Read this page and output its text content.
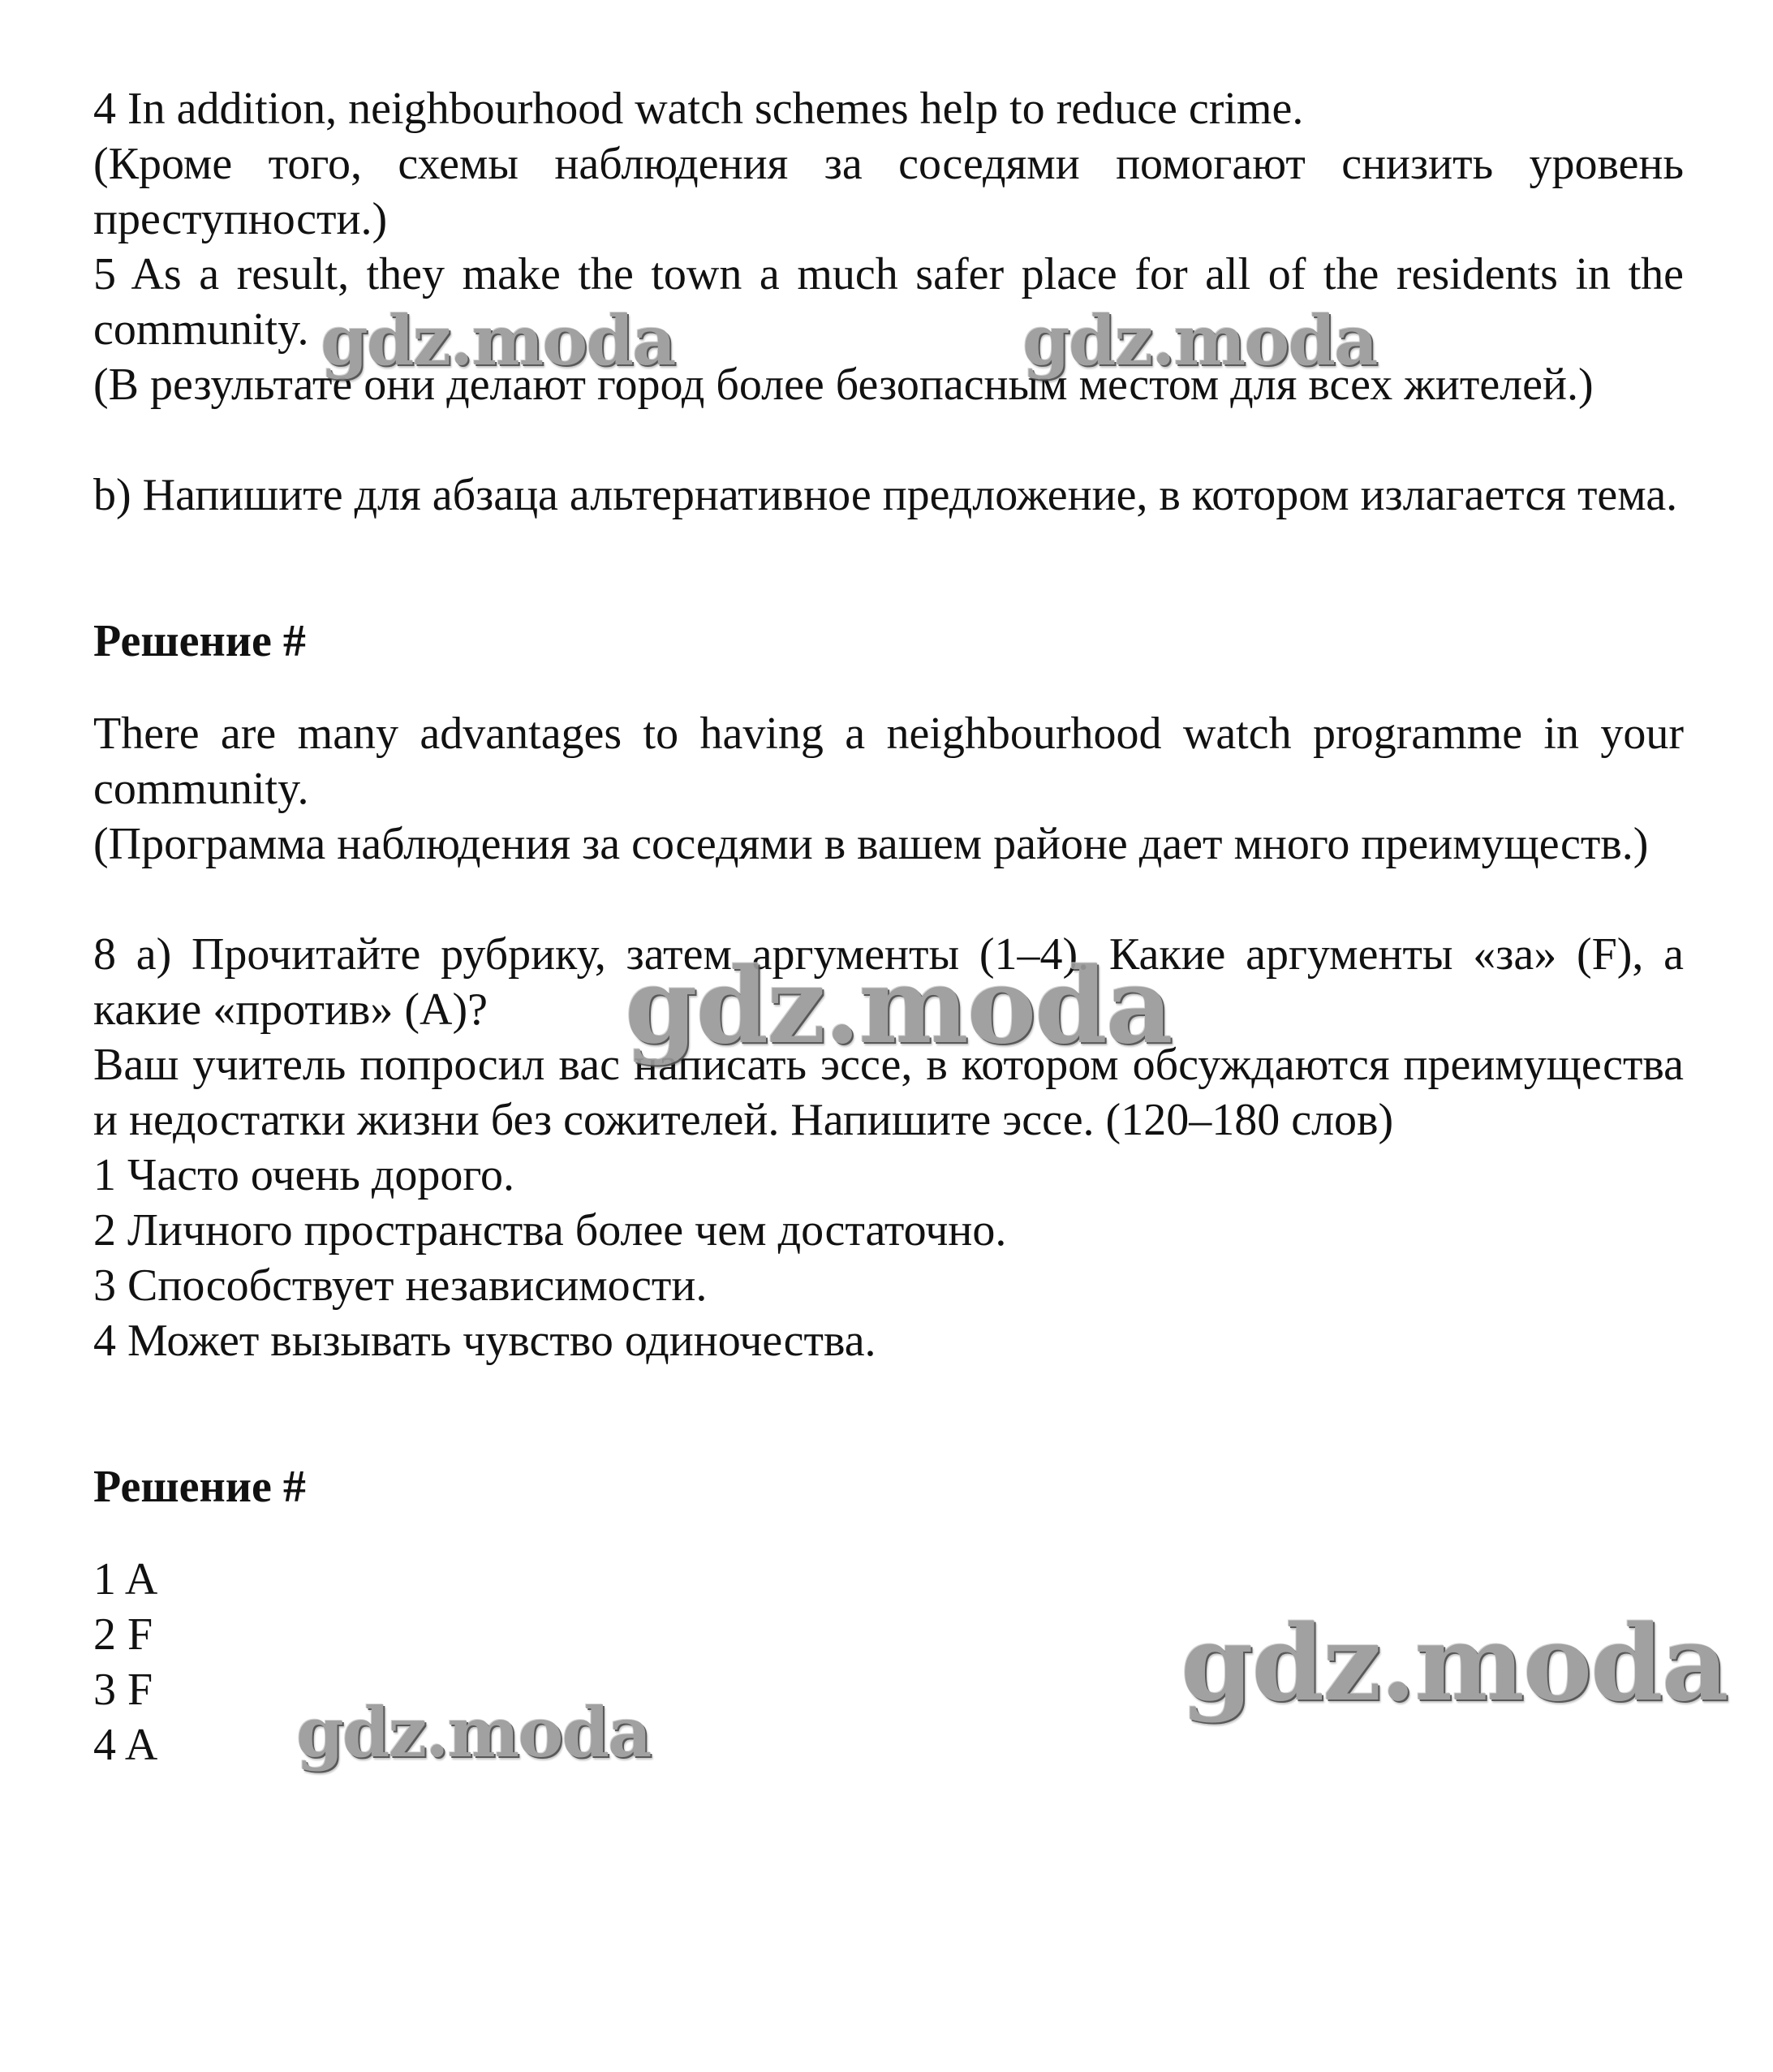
4 In addition, neighbourhood watch schemes help to reduce crime.

(Кроме того, схемы наблюдения за соседями помогают снизить уровень преступности.)

5 As a result, they make the town a much safer place for all of the residents in the community.

(В результате они делают город более безопасным местом для всех жителей.)

b) Напишите для абзаца альтернативное предложение, в котором излагается тема.

Решение #

There are many advantages to having a neighbourhood watch programme in your community.

(Программа наблюдения за соседями в вашем районе дает много преимуществ.)

8 а) Прочитайте рубрику, затем аргументы (1–4). Какие аргументы «за» (F), а какие «против» (A)?

Ваш учитель попросил вас написать эссе, в котором обсуждаются преимущества и недостатки жизни без сожителей. Напишите эссе. (120–180 слов)

1 Часто очень дорого.

2 Личного пространства более чем достаточно.

3 Способствует независимости.

4 Может вызывать чувство одиночества.

Решение #

1 A

2 F

3 F

4 A

gdz.moda	gdz.moda
gdz.moda
gdz.moda
gdz.moda
